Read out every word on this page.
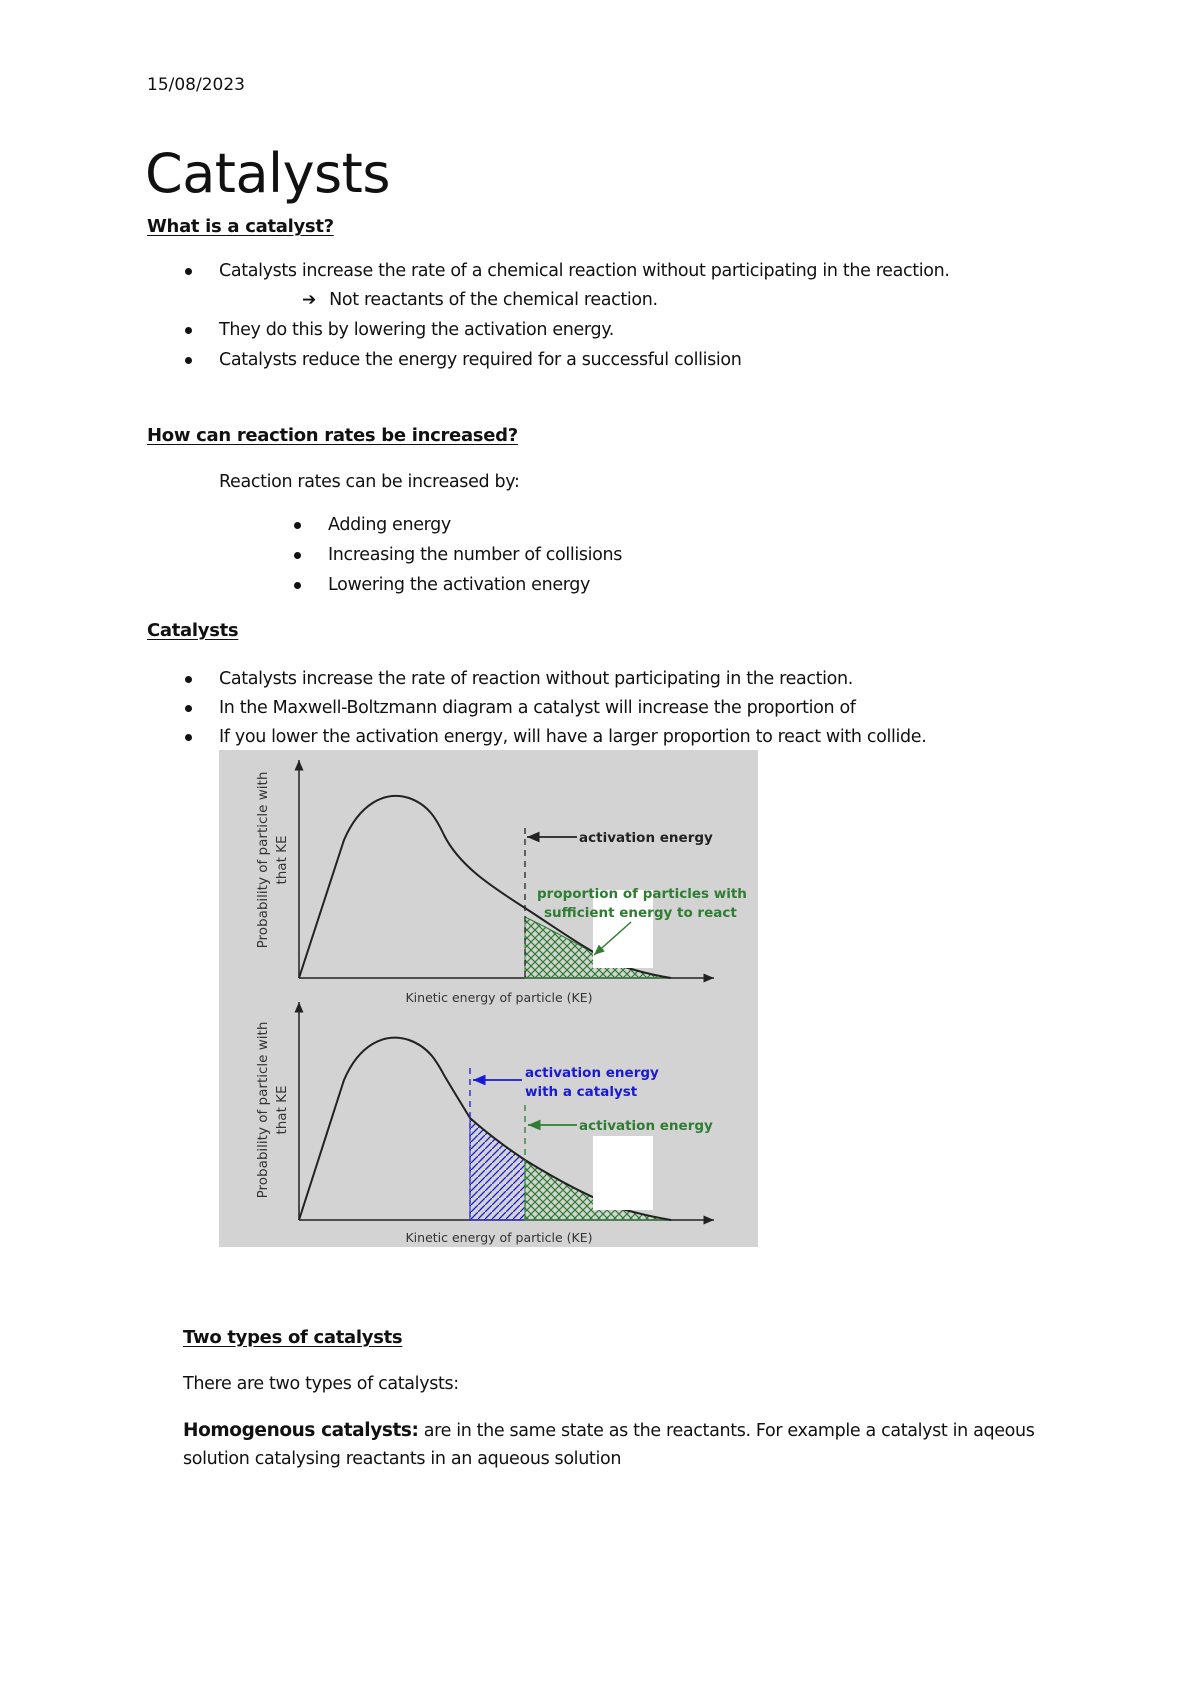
15/08/2023
Catalysts
What is a catalyst?
Catalysts increase the rate of a chemical reaction without participating in the reaction.
➔ Not reactants of the chemical reaction.
They do this by lowering the activation energy.
Catalysts reduce the energy required for a successful collision
How can reaction rates be increased?
Reaction rates can be increased by:
Adding energy
Increasing the number of collisions
Lowering the activation energy
Catalysts
Catalysts increase the rate of reaction without participating in the reaction.
In the Maxwell-Boltzmann diagram a catalyst will increase the proportion of
If you lower the activation energy, will have a larger proportion to react with collide.
Probability of particle with that KE	activation energy
proportion of particles with
sufficient energy to react
Kinetic energy of particle (KE)
Probability of particle with that KE
activation energy
with a catalyst
activation energy
Kinetic energy of particle (KE)
Two types of catalysts
There are two types of catalysts:
Homogenous catalysts: are in the same state as the reactants. For example a catalyst in aqeous
solution catalysing reactants in an aqueous solution
